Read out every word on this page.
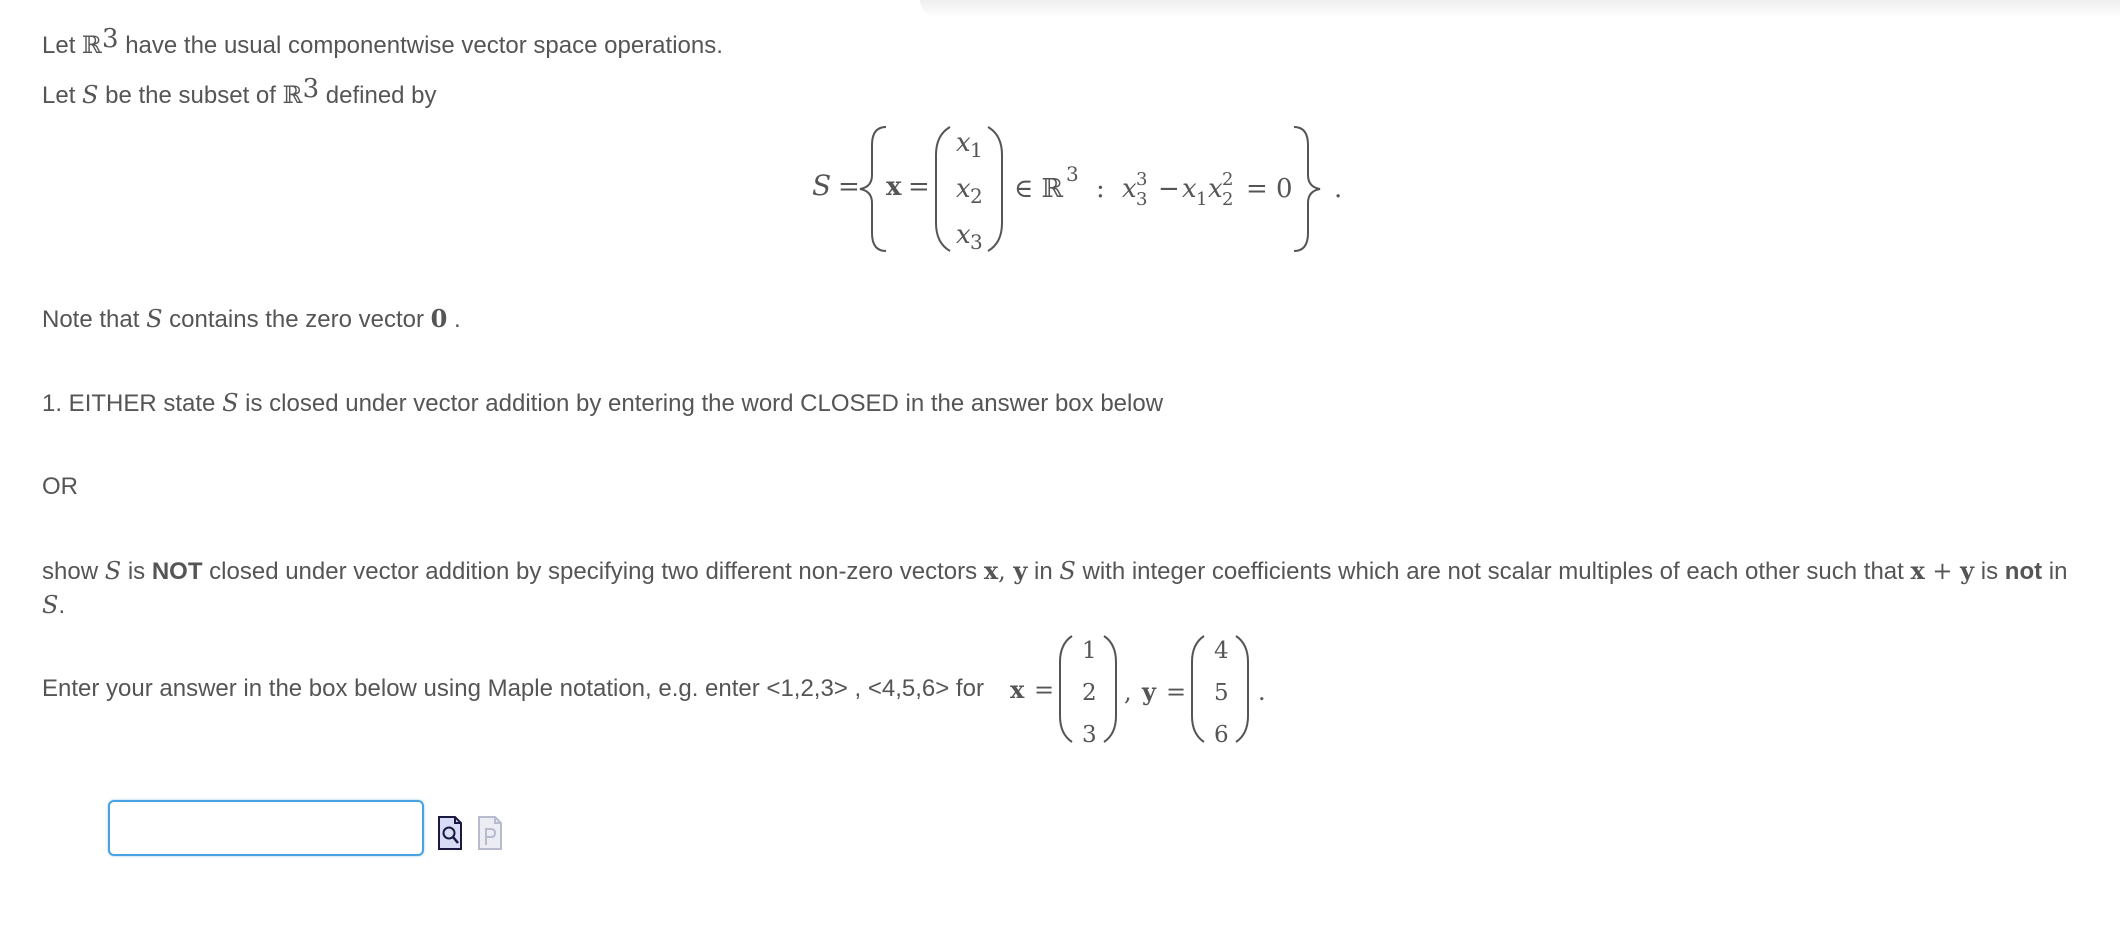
Let ℝ$^3$ have the usual componentwise vector space operations.
Let S be the subset of ℝ$^3$ defined by
S = x =
x 1
x 2
x 3
∈ ℝ 3 : x 3
3 − x 1 x 2
2 = 0 .
Note that S contains the zero vector 0 .
1. EITHER state S is closed under vector addition by entering the word CLOSED in the answer box below
OR
show S is NOT closed under vector addition by specifying two different non-zero vectors x, y in S with integer coefficients which are not scalar multiples of each other such that x + y is not in
S.
Enter your answer in the box below using Maple notation, e.g. enter <1,2,3> , <4,5,6> for x =
1
2
3
, y =
4
5
6
.
